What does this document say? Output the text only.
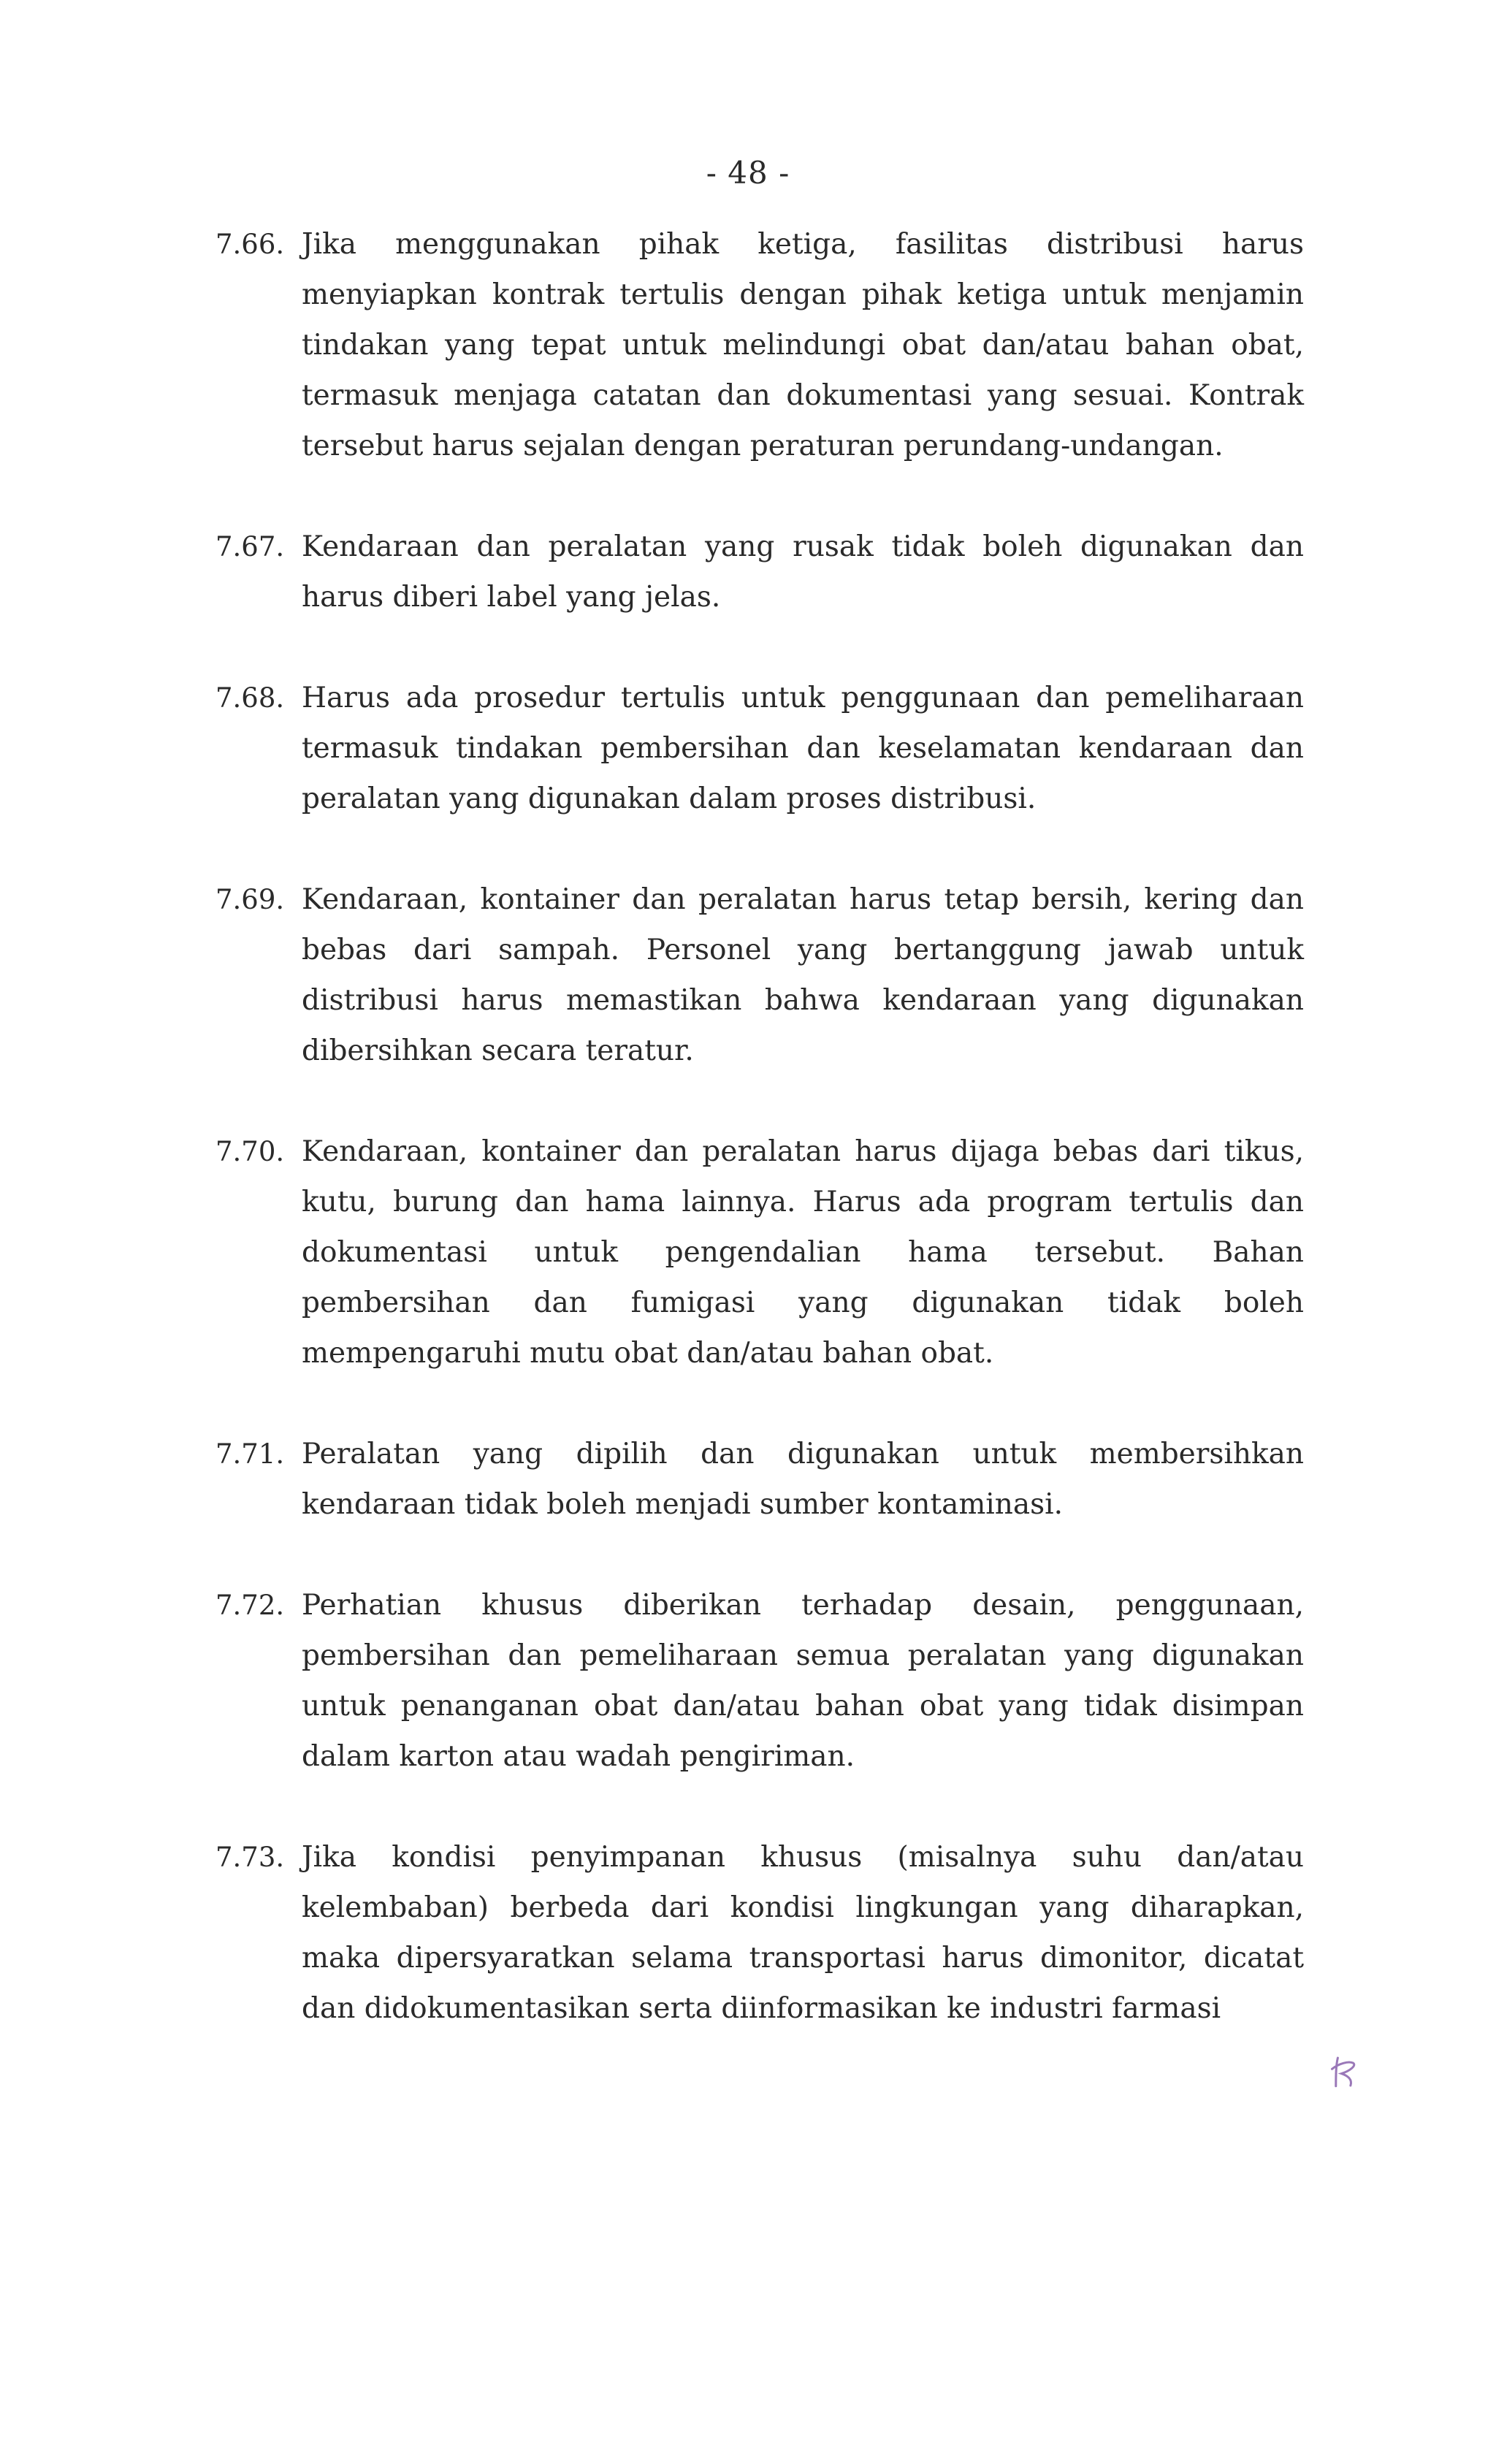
- 48 -
7.66. Jika menggunakan pihak ketiga, fasilitas distribusi harus menyiapkan kontrak tertulis dengan pihak ketiga untuk menjamin tindakan yang tepat untuk melindungi obat dan/atau bahan obat, termasuk menjaga catatan dan dokumentasi yang sesuai. Kontrak tersebut harus sejalan dengan peraturan perundang-undangan.
7.67. Kendaraan dan peralatan yang rusak tidak boleh digunakan dan harus diberi label yang jelas.
7.68. Harus ada prosedur tertulis untuk penggunaan dan pemeliharaan termasuk tindakan pembersihan dan keselamatan kendaraan dan peralatan yang digunakan dalam proses distribusi.
7.69. Kendaraan, kontainer dan peralatan harus tetap bersih, kering dan bebas dari sampah. Personel yang bertanggung jawab untuk distribusi harus memastikan bahwa kendaraan yang digunakan dibersihkan secara teratur.
7.70. Kendaraan, kontainer dan peralatan harus dijaga bebas dari tikus, kutu, burung dan hama lainnya. Harus ada program tertulis dan dokumentasi untuk pengendalian hama tersebut. Bahan pembersihan dan fumigasi yang digunakan tidak boleh mempengaruhi mutu obat dan/atau bahan obat.
7.71. Peralatan yang dipilih dan digunakan untuk membersihkan kendaraan tidak boleh menjadi sumber kontaminasi.
7.72. Perhatian khusus diberikan terhadap desain, penggunaan, pembersihan dan pemeliharaan semua peralatan yang digunakan untuk penanganan obat dan/atau bahan obat yang tidak disimpan dalam karton atau wadah pengiriman.
7.73. Jika kondisi penyimpanan khusus (misalnya suhu dan/atau kelembaban) berbeda dari kondisi lingkungan yang diharapkan, maka dipersyaratkan selama transportasi harus dimonitor, dicatat dan didokumentasikan serta diinformasikan ke industri farmasi
